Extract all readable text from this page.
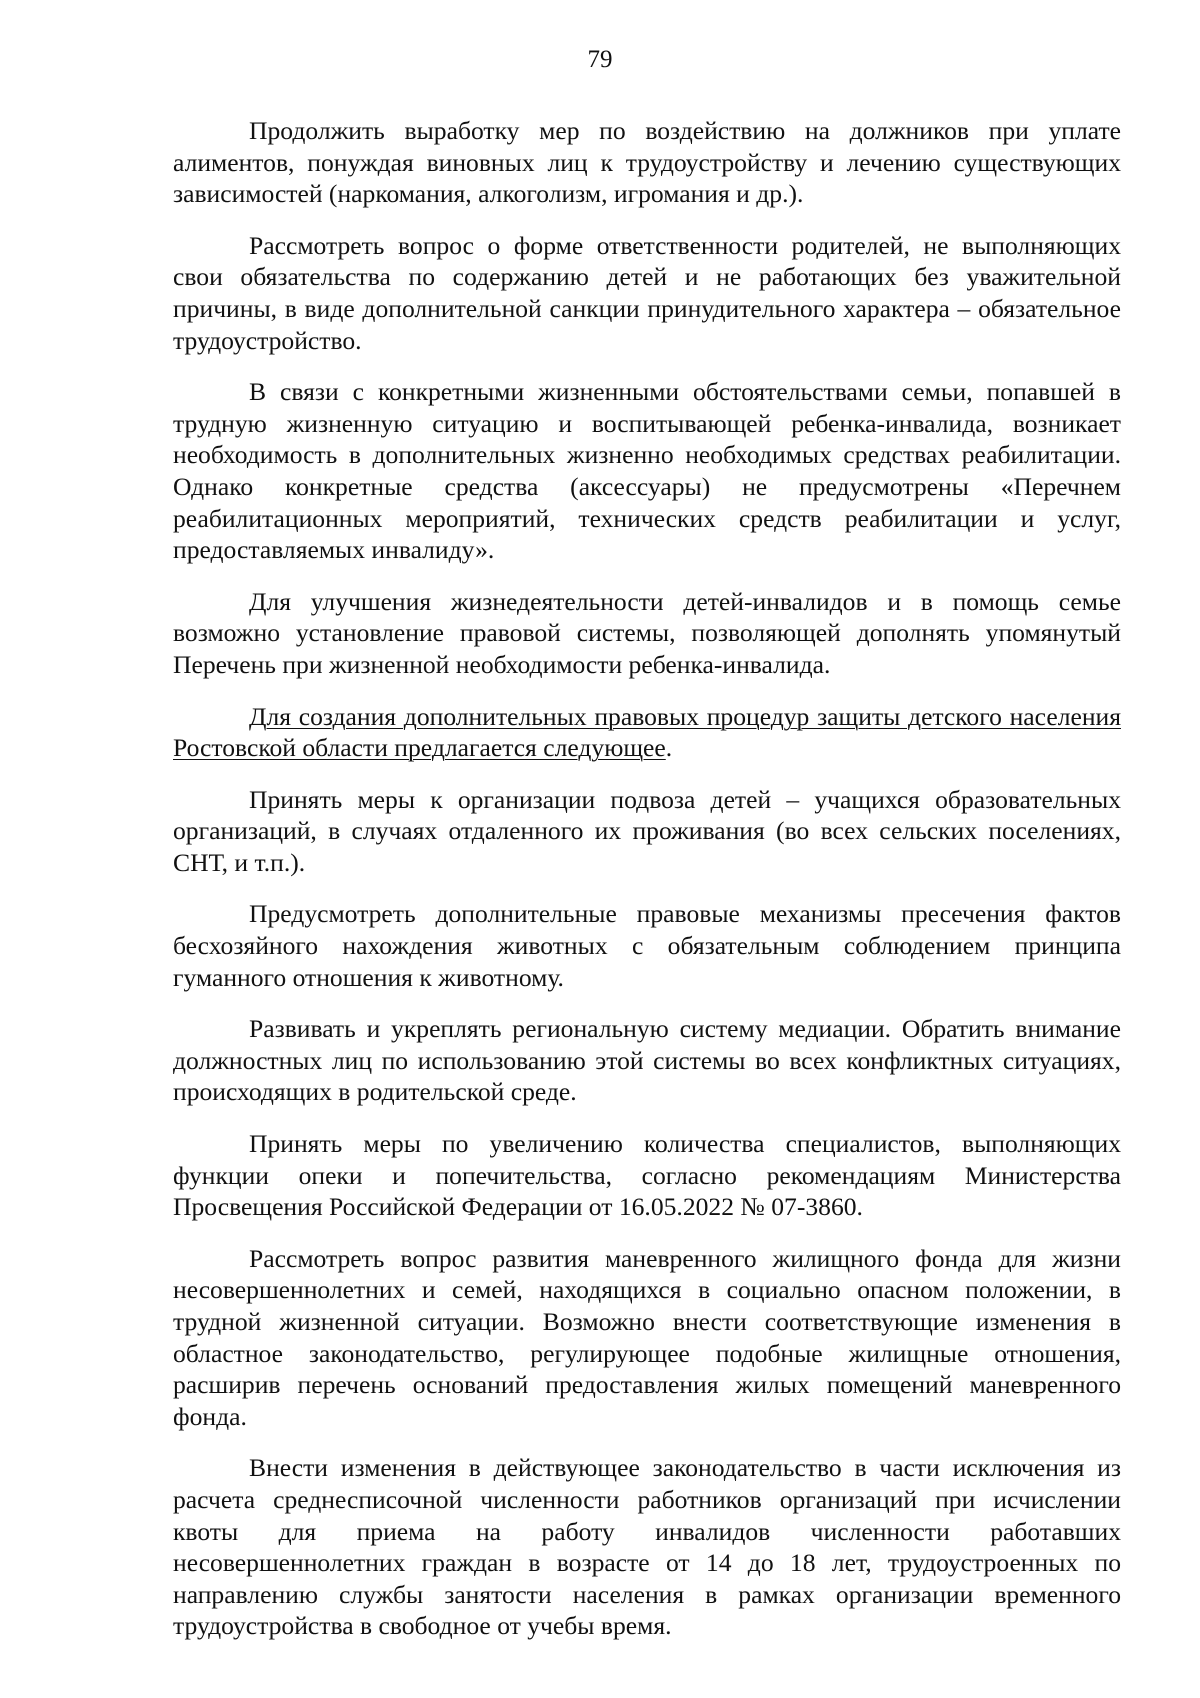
79

Продолжить выработку мер по воздействию на должников при уплате алиментов, понуждая виновных лиц к трудоустройству и лечению существующих зависимостей (наркомания, алкоголизм, игромания и др.).

Рассмотреть вопрос о форме ответственности родителей, не выполняющих свои обязательства по содержанию детей и не работающих без уважительной причины, в виде дополнительной санкции принудительного характера – обязательное трудоустройство.

В связи с конкретными жизненными обстоятельствами семьи, попавшей в трудную жизненную ситуацию и воспитывающей ребенка-инвалида, возникает необходимость в дополнительных жизненно необходимых средствах реабилитации. Однако конкретные средства (аксессуары) не предусмотрены «Перечнем реабилитационных мероприятий, технических средств реабилитации и услуг, предоставляемых инвалиду».

Для улучшения жизнедеятельности детей-инвалидов и в помощь семье возможно установление правовой системы, позволяющей дополнять упомянутый Перечень при жизненной необходимости ребенка-инвалида.

Для создания дополнительных правовых процедур защиты детского населения Ростовской области предлагается следующее.

Принять меры к организации подвоза детей – учащихся образовательных организаций, в случаях отдаленного их проживания (во всех сельских поселениях, СНТ, и т.п.).

Предусмотреть дополнительные правовые механизмы пресечения фактов бесхозяйного нахождения животных с обязательным соблюдением принципа гуманного отношения к животному.

Развивать и укреплять региональную систему медиации. Обратить внимание должностных лиц по использованию этой системы во всех конфликтных ситуациях, происходящих в родительской среде.

Принять меры по увеличению количества специалистов, выполняющих функции опеки и попечительства, согласно рекомендациям Министерства Просвещения Российской Федерации от 16.05.2022 № 07-3860.

Рассмотреть вопрос развития маневренного жилищного фонда для жизни несовершеннолетних и семей, находящихся в социально опасном положении, в трудной жизненной ситуации. Возможно внести соответствующие изменения в областное законодательство, регулирующее подобные жилищные отношения, расширив перечень оснований предоставления жилых помещений маневренного фонда.

Внести изменения в действующее законодательство в части исключения из расчета среднесписочной численности работников организаций при исчислении квоты для приема на работу инвалидов численности работавших несовершеннолетних граждан в возрасте от 14 до 18 лет, трудоустроенных по направлению службы занятости населения в рамках организации временного трудоустройства в свободное от учебы время.
